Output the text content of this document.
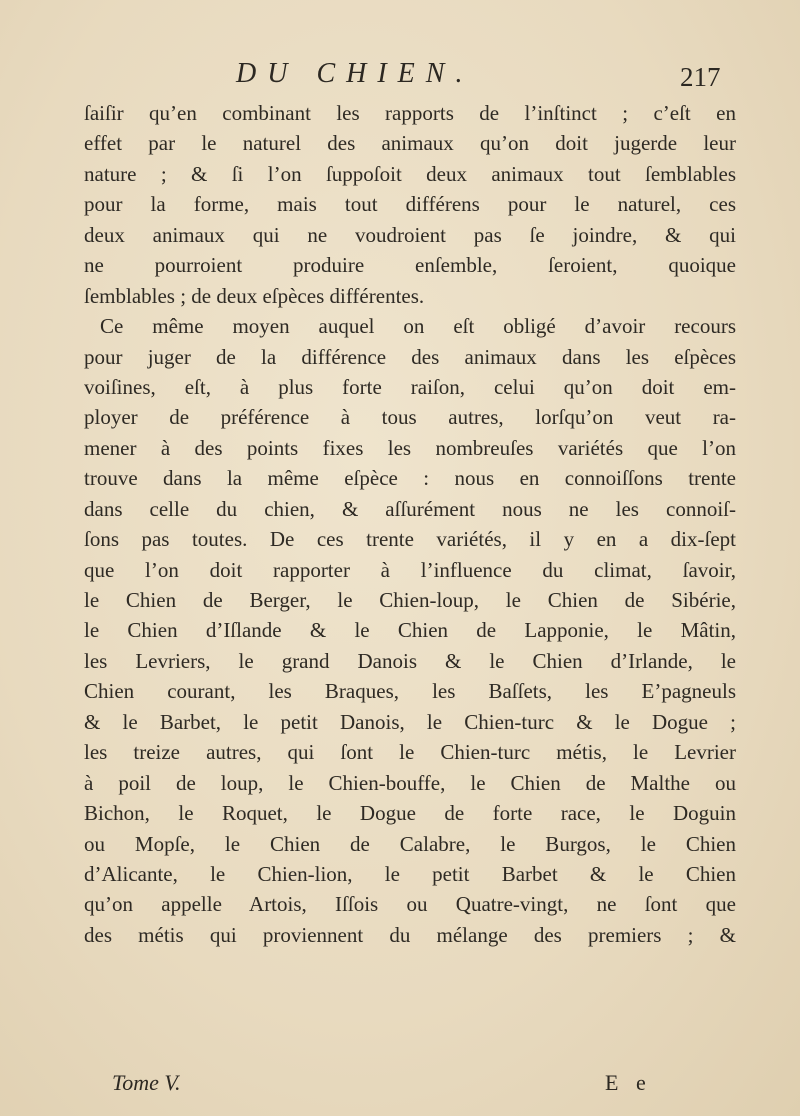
DU CHIEN.	217
ſaiſir qu’en combinant les rapports de l’inſtinct ; c’eſt en
effet par le naturel des animaux qu’on doit jugerde leur
nature ; & ſi l’on ſuppoſoit deux animaux tout ſemblables
pour la forme, mais tout différens pour le naturel, ces
deux animaux qui ne voudroient pas ſe joindre, & qui
ne pourroient produire enſemble, ſeroient, quoique
ſemblables ; de deux eſpèces différentes.
Ce même moyen auquel on eſt obligé d’avoir recours
pour juger de la différence des animaux dans les eſpèces
voiſines, eſt, à plus forte raiſon, celui qu’on doit em-
ployer de préférence à tous autres, lorſqu’on veut ra-
mener à des points fixes les nombreuſes variétés que l’on
trouve dans la même eſpèce : nous en connoiſſons trente
dans celle du chien, & aſſurément nous ne les connoiſ-
ſons pas toutes. De ces trente variétés, il y en a dix-ſept
que l’on doit rapporter à l’influence du climat, ſavoir,
le Chien de Berger, le Chien-loup, le Chien de Sibérie,
le Chien d’Iſlande & le Chien de Lapponie, le Mâtin,
les Levriers, le grand Danois & le Chien d’Irlande, le
Chien courant, les Braques, les Baſſets, les E’pagneuls
& le Barbet, le petit Danois, le Chien-turc & le Dogue ;
les treize autres, qui ſont le Chien-turc métis, le Levrier
à poil de loup, le Chien-bouffe, le Chien de Malthe ou
Bichon, le Roquet, le Dogue de forte race, le Doguin
ou Mopſe, le Chien de Calabre, le Burgos, le Chien
d’Alicante, le Chien-lion, le petit Barbet & le Chien
qu’on appelle Artois, Iſſois ou Quatre-vingt, ne ſont que
des métis qui proviennent du mélange des premiers ; &
Tome V.	E e
